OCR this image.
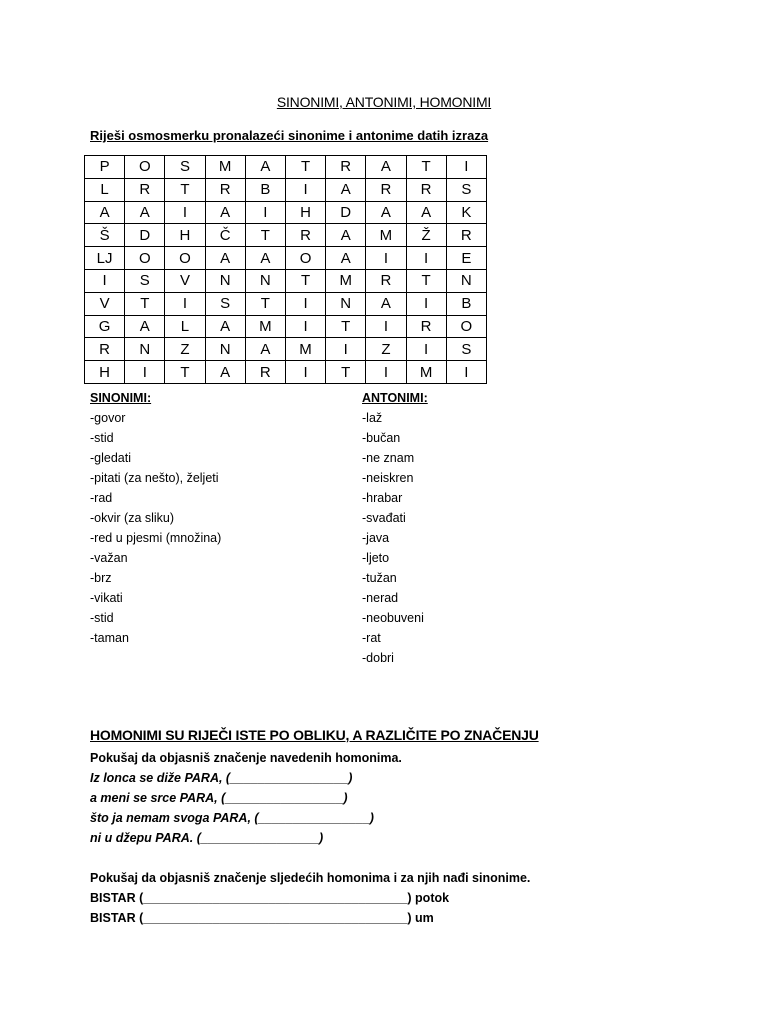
SINONIMI, ANTONIMI, HOMONIMI
Riješi osmosmerku pronalazeći sinonime i antonime datih izraza
P	O	S	M	A	T	R	A	T	I
L	R	T	R	B	I	A	R	R	S
A	A	I	A	I	H	D	A	A	K
Š	D	H	Č	T	R	A	M	Ž	R
LJ	O	O	A	A	O	A	I	I	E
I	S	V	N	N	T	M	R	T	N
V	T	I	S	T	I	N	A	I	B
G	A	L	A	M	I	T	I	R	O
R	N	Z	N	A	M	I	Z	I	S
H	I	T	A	R	I	T	I	M	I
SINONIMI:
-govor
-stid
-gledati
-pitati (za nešto), željeti
-rad
-okvir (za sliku)
-red u pjesmi (množina)
-važan
-brz
-vikati
-stid
-taman
ANTONIMI:
-laž
-bučan
-ne znam
-neiskren
-hrabar
-svađati
-java
-ljeto
-tužan
-nerad
-neobuveni
-rat
-dobri
HOMONIMI SU RIJEČI ISTE PO OBLIKU, A RAZLIČITE PO ZNAČENJU
Pokušaj da objasniš značenje navedenih homonima.
Iz lonca se diže PARA, (_________________)
a meni se srce PARA, (_________________)
što ja nemam svoga PARA, (________________)
ni u džepu PARA. (_________________)
Pokušaj da objasniš značenje sljedećih homonima i za njih nađi sinonime.
BISTAR (______________________________________) potok
BISTAR (______________________________________) um
